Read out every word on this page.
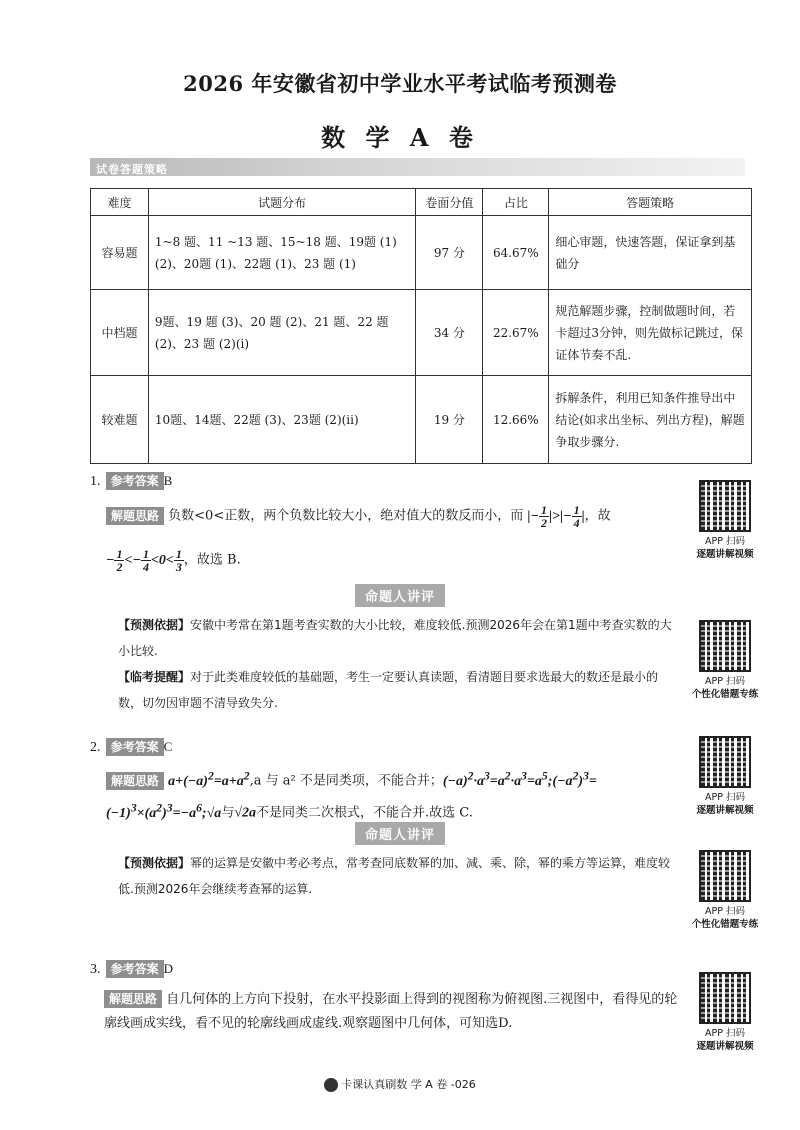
2026 年安徽省初中学业水平考试临考预测卷
数 学 A 卷
试卷答题策略
难度	试题分布	卷面分值	占比	答题策略
容易题	1~8 题、11 ~13 题、15~18 题、19题 (1) (2)、20题 (1)、22题 (1)、23 题 (1)	97 分	64.67%	细心审题，快速答题，保证拿到基础分
中档题	9题、19 题 (3)、20 题 (2)、21 题、22 题 (2)、23 题 (2)(i)	34 分	22.67%	规范解题步骤，控制做题时间，若卡超过3分钟，则先做标记跳过，保证体节奏不乱.
较难题	10题、14题、22题 (3)、23题 (2)(ii)	19 分	12.66%	拆解条件，利用已知条件推导出中结论(如求出坐标、列出方程)，解题争取步骤分.
1. 参考答案 B
解题思路 负数<0<正数，两个负数比较大小，绝对值大的数反而小，而 |− $\frac{1}{2}$ |>|− $\frac{1}{4}$ |，故
− $\frac{1}{2} <- \frac{1}{4} <0< \frac{1}{3}$ ，故选 B.
命题人讲评
【预测依据】安徽中考常在第1题考查实数的大小比较，难度较低.预测2026年会在第1题中考查实数的大小比较.
【临考提醒】对于此类难度较低的基础题，考生一定要认真读题，看清题目要求选最大的数还是最小的数，切勿因审题不清导致失分.
2. 参考答案 C
解题思路 $a+(-a)^2=a+a^2,a$ 与 a² 不是同类项，不能合并；$(-a)^2\cdot a^3=a^2\cdot a^3=a^5;(-a^2)^3=$
$(-1)^3\times(a^2)^3=-a^6;√a$与√2a不是同类二次根式，不能合并.故选 C.
命题人讲评
【预测依据】幂的运算是安徽中考必考点，常考查同底数幂的加、减、乘、除，幂的乘方等运算，难度较低.预测2026年会继续考查幂的运算.
3. 参考答案 D
解题思路 自几何体的上方向下投射，在水平投影面上得到的视图称为俯视图.三视图中，看得见的轮廓线画成实线，看不见的轮廓线画成虚线.观察题图中几何体，可知选D.
APP 扫码
逐题讲解视频
APP 扫码
个性化错题专练
APP 扫码
逐题讲解视频
APP 扫码
个性化错题专练
APP 扫码
逐题讲解视频
卡课认真刷数 学 A 卷 -026
